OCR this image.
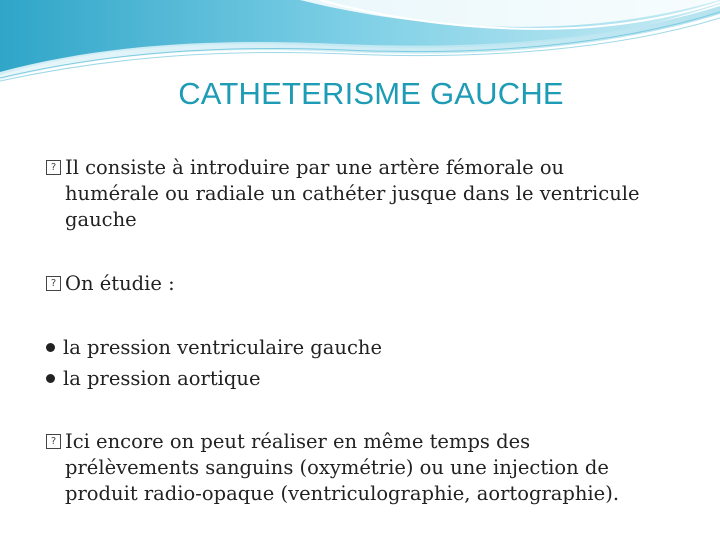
CATHETERISME GAUCHE
? Il consiste à introduire par une artère fémorale ou
humérale ou radiale un cathéter jusque dans le ventricule
gauche
? On étudie :
la pression ventriculaire gauche
la pression aortique
? Ici encore on peut réaliser en même temps des
prélèvements sanguins (oxymétrie) ou une injection de
produit radio-opaque (ventriculographie, aortographie).
